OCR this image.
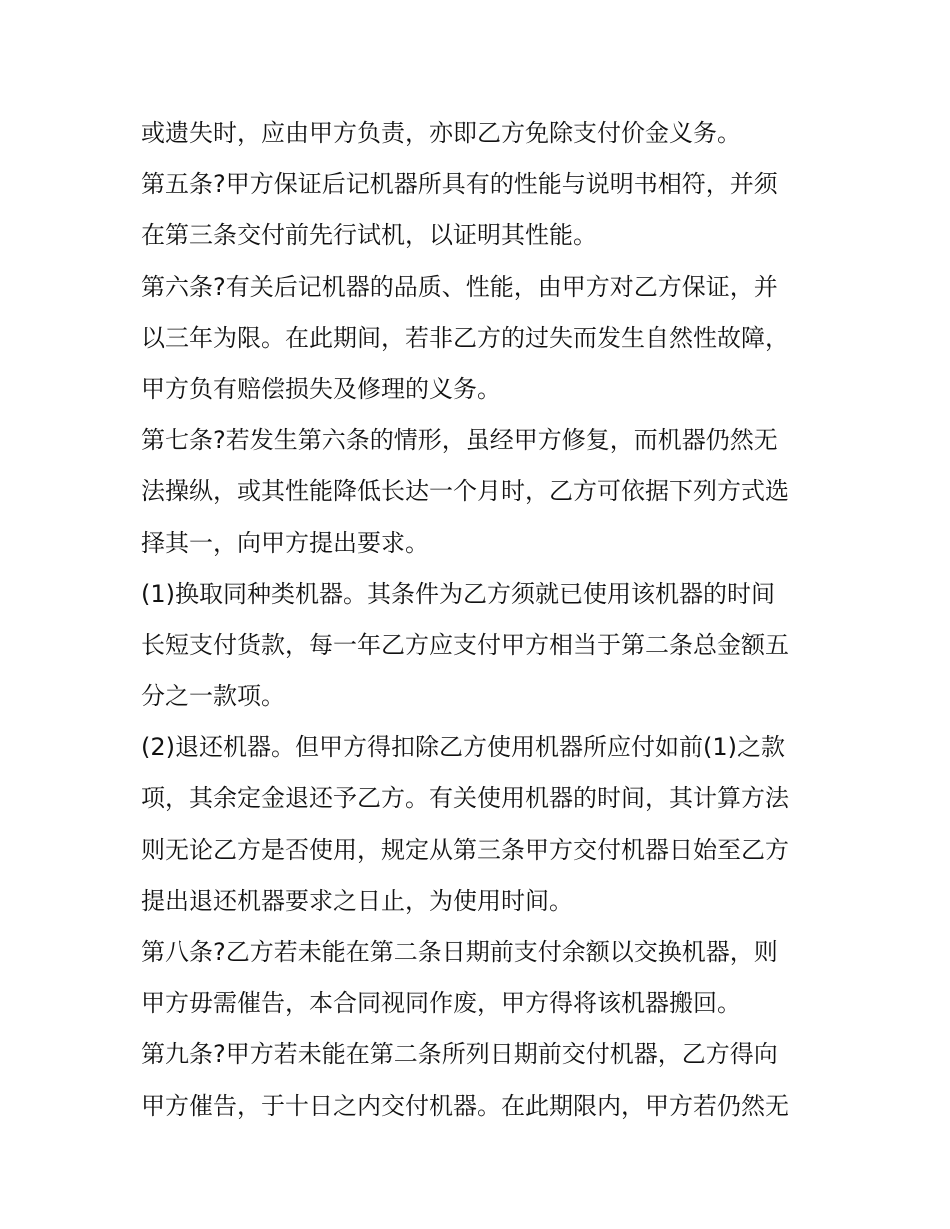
或遗失时，应由甲方负责，亦即乙方免除支付价金义务。
第五条?甲方保证后记机器所具有的性能与说明书相符，并须
在第三条交付前先行试机，以证明其性能。
第六条?有关后记机器的品质、性能，由甲方对乙方保证，并
以三年为限。在此期间，若非乙方的过失而发生自然性故障，
甲方负有赔偿损失及修理的义务。
第七条?若发生第六条的情形，虽经甲方修复，而机器仍然无
法操纵，或其性能降低长达一个月时，乙方可依据下列方式选
择其一，向甲方提出要求。
(1)换取同种类机器。其条件为乙方须就已使用该机器的时间
长短支付货款，每一年乙方应支付甲方相当于第二条总金额五
分之一款项。
(2)退还机器。但甲方得扣除乙方使用机器所应付如前(1)之款
项，其余定金退还予乙方。有关使用机器的时间，其计算方法
则无论乙方是否使用，规定从第三条甲方交付机器日始至乙方
提出退还机器要求之日止，为使用时间。
第八条?乙方若未能在第二条日期前支付余额以交换机器，则
甲方毋需催告，本合同视同作废，甲方得将该机器搬回。
第九条?甲方若未能在第二条所列日期前交付机器，乙方得向
甲方催告，于十日之内交付机器。在此期限内，甲方若仍然无
